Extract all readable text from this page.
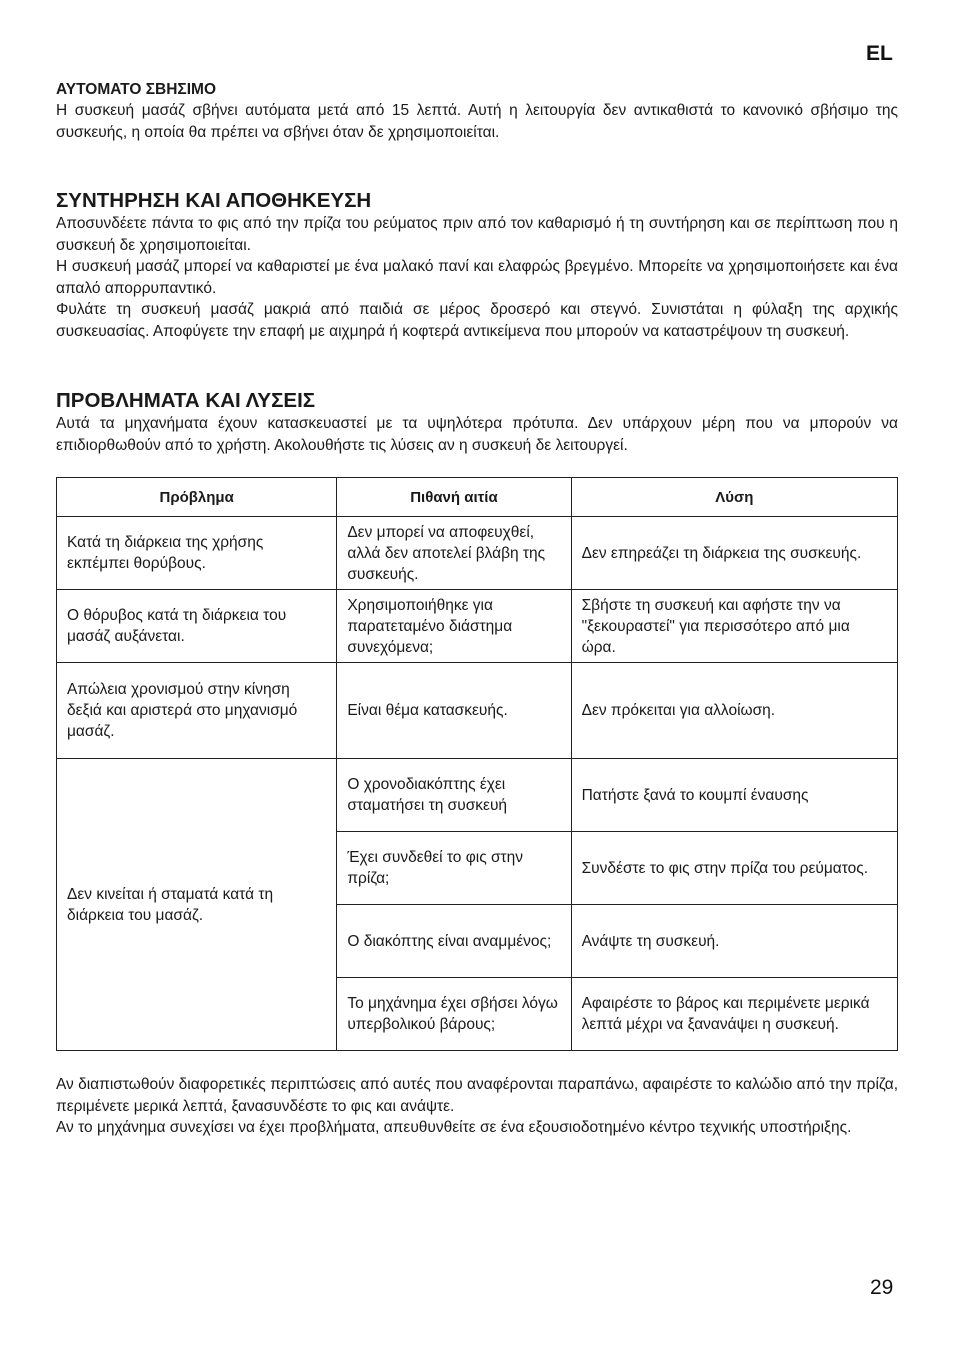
EL
ΑΥΤΟΜΑΤΟ ΣΒΗΣΙΜΟ

Η συσκευή μασάζ σβήνει αυτόματα μετά από 15 λεπτά. Αυτή η λειτουργία δεν αντικαθιστά το κανονικό σβήσιμο της συσκευής, η οποία θα πρέπει να σβήνει όταν δε χρησιμοποιείται.

ΣΥΝΤΗΡΗΣΗ ΚΑΙ ΑΠΟΘΗΚΕΥΣΗ

Αποσυνδέετε πάντα το φις από την πρίζα του ρεύματος πριν από τον καθαρισμό ή τη συντήρηση και σε περίπτωση που η συσκευή δε χρησιμοποιείται.

Η συσκευή μασάζ μπορεί να καθαριστεί με ένα μαλακό πανί και ελαφρώς βρεγμένο. Μπορείτε να χρησιμοποιήσετε και ένα απαλό απορρυπαντικό.

Φυλάτε τη συσκευή μασάζ μακριά από παιδιά σε μέρος δροσερό και στεγνό. Συνιστάται η φύλαξη της αρχικής συσκευασίας. Αποφύγετε την επαφή με αιχμηρά ή κοφτερά αντικείμενα που μπορούν να καταστρέψουν τη συσκευή.

ΠΡΟΒΛΗΜΑΤΑ ΚΑΙ ΛΥΣΕΙΣ

Αυτά τα μηχανήματα έχουν κατασκευαστεί με τα υψηλότερα πρότυπα. Δεν υπάρχουν μέρη που να μπορούν να επιδιορθωθούν από το χρήστη. Ακολουθήστε τις λύσεις αν η συσκευή δε λειτουργεί.

Πρόβλημα	Πιθανή αιτία	Λύση
Κατά τη διάρκεια της χρήσης εκπέμπει θορύβους.	Δεν μπορεί να αποφευχθεί, αλλά δεν αποτελεί βλάβη της συσκευής.	Δεν επηρεάζει τη διάρκεια της συσκευής.
Ο θόρυβος κατά τη διάρκεια του μασάζ αυξάνεται.	Χρησιμοποιήθηκε για παρατεταμένο διάστημα συνεχόμενα;	Σβήστε τη συσκευή και αφήστε την να "ξεκουραστεί" για περισσότερο από μια ώρα.
Απώλεια χρονισμού στην κίνηση δεξιά και αριστερά στο μηχανισμό μασάζ.	Είναι θέμα κατασκευής.	Δεν πρόκειται για αλλοίωση.
Δεν κινείται ή σταματά κατά τη διάρκεια του μασάζ.	Ο χρονοδιακόπτης έχει σταματήσει τη συσκευή	Πατήστε ξανά το κουμπί έναυσης
	Έχει συνδεθεί το φις στην πρίζα;	Συνδέστε το φις στην πρίζα του ρεύματος.
	Ο διακόπτης είναι αναμμένος;	Ανάψτε τη συσκευή.
	Το μηχάνημα έχει σβήσει λόγω υπερβολικού βάρους;	Αφαιρέστε το βάρος και περιμένετε μερικά λεπτά μέχρι να ξανανάψει η συσκευή.

Αν διαπιστωθούν διαφορετικές περιπτώσεις από αυτές που αναφέρονται παραπάνω, αφαιρέστε το καλώδιο από την πρίζα, περιμένετε μερικά λεπτά, ξανασυνδέστε το φις και ανάψτε.

Αν το μηχάνημα συνεχίσει να έχει προβλήματα, απευθυνθείτε σε ένα εξουσιοδοτημένο κέντρο τεχνικής υποστήριξης.

29
